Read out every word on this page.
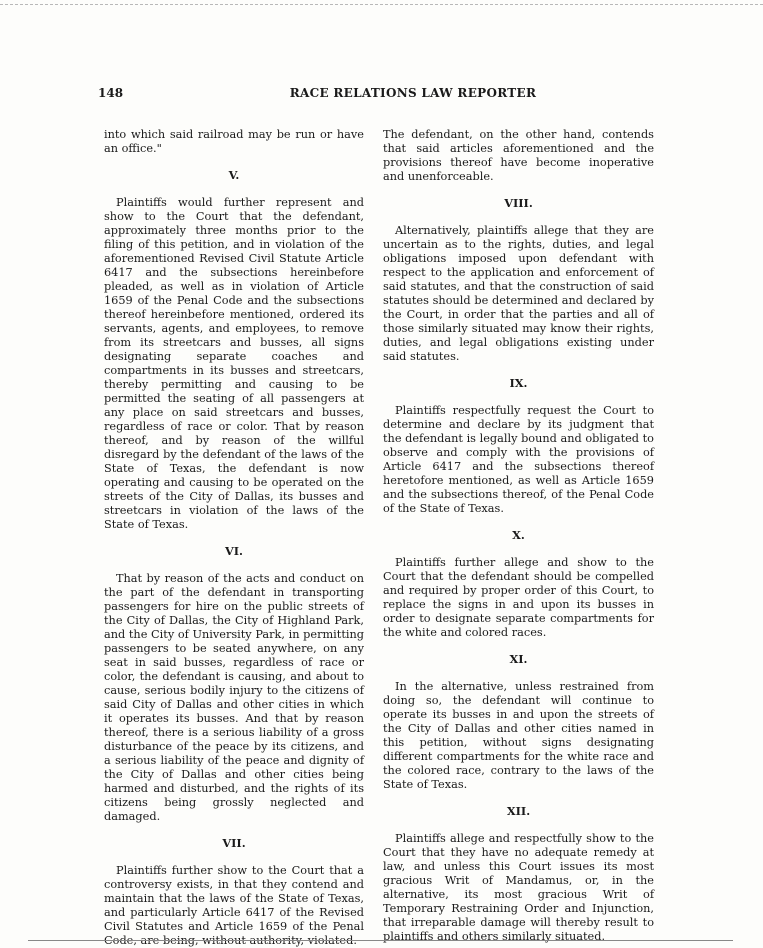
148	RACE RELATIONS LAW REPORTER

into which said railroad may be run or have an office."

V.

Plaintiffs would further represent and show to the Court that the defendant, approximately three months prior to the filing of this petition, and in violation of the aforementioned Revised Civil Statute Article 6417 and the subsections hereinbefore pleaded, as well as in violation of Article 1659 of the Penal Code and the subsections thereof hereinbefore mentioned, ordered its servants, agents, and employees, to remove from its streetcars and busses, all signs designating separate coaches and compartments in its busses and streetcars, thereby permitting and causing to be permitted the seating of all passengers at any place on said streetcars and busses, regardless of race or color. That by reason thereof, and by reason of the willful disregard by the defendant of the laws of the State of Texas, the defendant is now operating and causing to be operated on the streets of the City of Dallas, its busses and streetcars in violation of the laws of the State of Texas.

VI.

That by reason of the acts and conduct on the part of the defendant in transporting passengers for hire on the public streets of the City of Dallas, the City of Highland Park, and the City of University Park, in permitting passengers to be seated anywhere, on any seat in said busses, regardless of race or color, the defendant is causing, and about to cause, serious bodily injury to the citizens of said City of Dallas and other cities in which it operates its busses. And that by reason thereof, there is a serious liability of a gross disturbance of the peace by its citizens, and a serious liability of the peace and dignity of the City of Dallas and other cities being harmed and disturbed, and the rights of its citizens being grossly neglected and damaged.

VII.

Plaintiffs further show to the Court that a controversy exists, in that they contend and maintain that the laws of the State of Texas, and particularly Article 6417 of the Revised Civil Statutes and Article 1659 of the Penal Code, are being, without authority, violated.

The defendant, on the other hand, contends that said articles aforementioned and the provisions thereof have become inoperative and unenforceable.

VIII.

Alternatively, plaintiffs allege that they are uncertain as to the rights, duties, and legal obligations imposed upon defendant with respect to the application and enforcement of said statutes, and that the construction of said statutes should be determined and declared by the Court, in order that the parties and all of those similarly situated may know their rights, duties, and legal obligations existing under said statutes.

IX.

Plaintiffs respectfully request the Court to determine and declare by its judgment that the defendant is legally bound and obligated to observe and comply with the provisions of Article 6417 and the subsections thereof heretofore mentioned, as well as Article 1659 and the subsections thereof, of the Penal Code of the State of Texas.

X.

Plaintiffs further allege and show to the Court that the defendant should be compelled and required by proper order of this Court, to replace the signs in and upon its busses in order to designate separate compartments for the white and colored races.

XI.

In the alternative, unless restrained from doing so, the defendant will continue to operate its busses in and upon the streets of the City of Dallas and other cities named in this petition, without signs designating different compartments for the white race and the colored race, contrary to the laws of the State of Texas.

XII.

Plaintiffs allege and respectfully show to the Court that they have no adequate remedy at law, and unless this Court issues its most gracious Writ of Mandamus, or, in the alternative, its most gracious Writ of Temporary Restraining Order and Injunction, that irreparable damage will thereby result to plaintiffs and others similarly situated.
